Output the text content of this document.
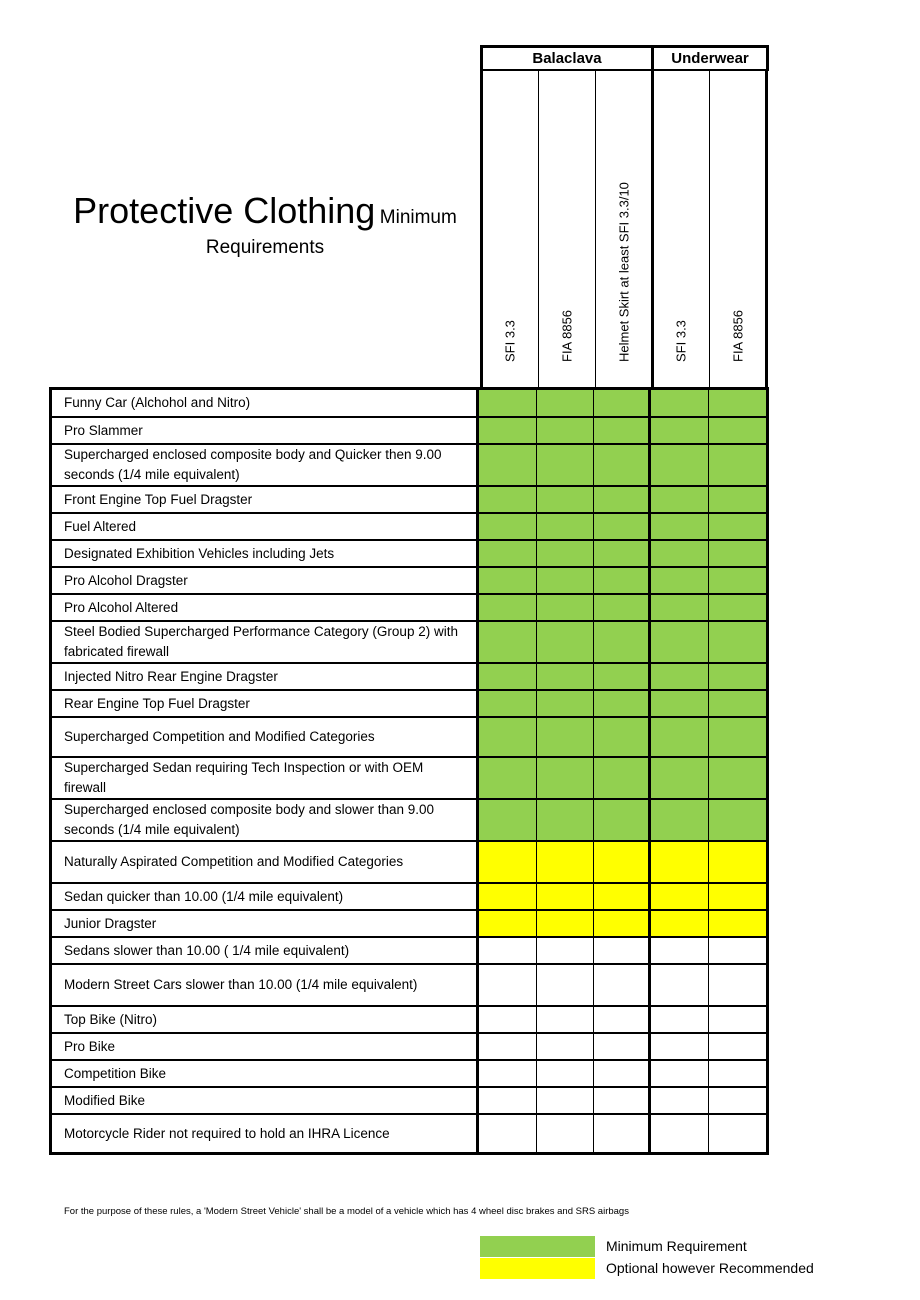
Protective Clothing Minimum
Requirements
Balaclava	Underwear
SFI 3.3	FIA 8856	Helmet Skirt at least SFI 3.3/10	SFI 3.3	FIA 8856
Funny Car (Alchohol and Nitro)
Pro Slammer
Supercharged enclosed composite body and Quicker then 9.00 seconds (1/4 mile equivalent)
Front Engine Top Fuel Dragster
Fuel Altered
Designated Exhibition Vehicles including Jets
Pro Alcohol Dragster
Pro Alcohol Altered
Steel Bodied Supercharged Performance Category (Group 2) with fabricated firewall
Injected Nitro Rear Engine Dragster
Rear Engine Top Fuel Dragster
Supercharged Competition and Modified Categories
Supercharged Sedan requiring Tech Inspection or with OEM firewall
Supercharged enclosed composite body and slower than 9.00 seconds (1/4 mile equivalent)
Naturally Aspirated Competition and Modified Categories
Sedan quicker than 10.00 (1/4 mile equivalent)
Junior Dragster
Sedans slower than 10.00 ( 1/4 mile equivalent)
Modern Street Cars slower than 10.00 (1/4 mile equivalent)
Top Bike (Nitro)
Pro Bike
Competition Bike
Modified Bike
Motorcycle Rider not required to hold an IHRA Licence
For the purpose of these rules, a 'Modern Street Vehicle' shall be a model of a vehicle which has 4 wheel disc brakes and SRS airbags
Minimum Requirement
Optional however Recommended
